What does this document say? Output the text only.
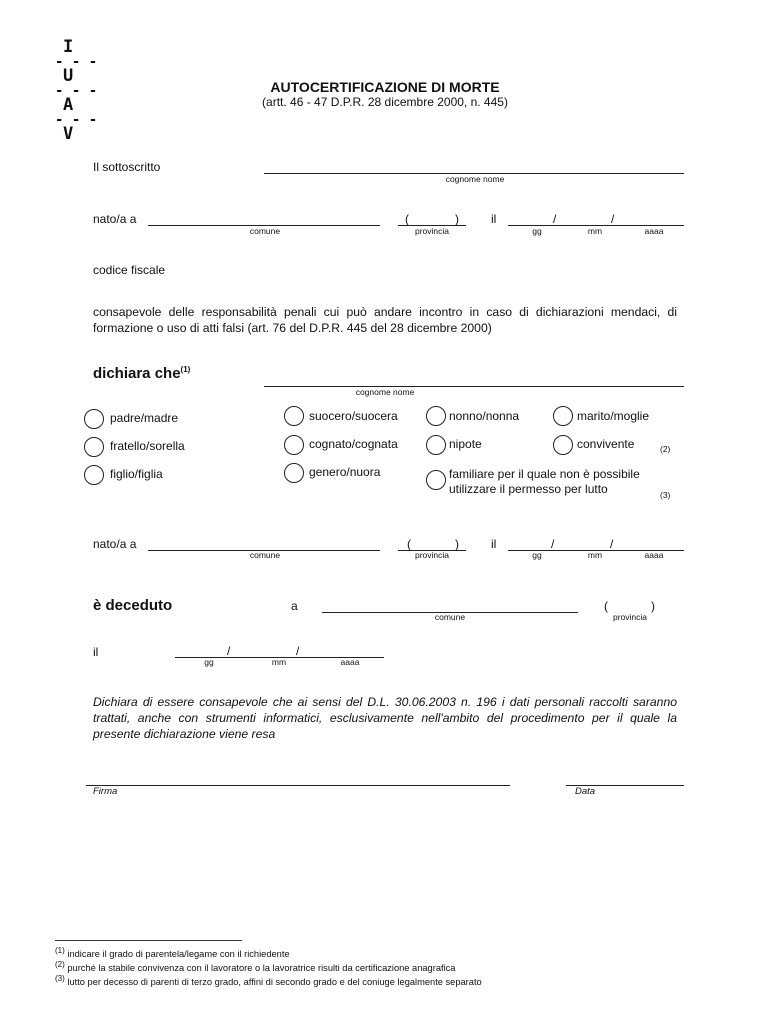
I
- - -
U
- - -
A
- - -
V
AUTOCERTIFICAZIONE DI MORTE
(artt. 46 - 47 D.P.R. 28 dicembre 2000, n. 445)
Il sottoscritto
cognome nome
nato/a a
comune
(	)
provincia
il	/	/
gg	mm	aaaa
codice fiscale
consapevole delle responsabilità penali cui può andare incontro in caso di dichiarazioni mendaci, di formazione o uso di atti falsi (art. 76 del D.P.R. 445 del 28 dicembre 2000)
dichiara che$^{(1)}$
cognome nome
padre/madre
fratello/sorella
figlio/figlia
suocero/suocera
cognato/cognata
genero/nuora
nonno/nonna
nipote
familiare per il quale non è possibile
utilizzare il permesso per lutto	(3)
marito/moglie
convivente	(2)
nato/a a
comune
(	)
provincia
il	/	/
gg	mm	aaaa
è deceduto	a
comune
(	)
provincia
il	/	/
gg	mm	aaaa
Dichiara di essere consapevole che ai sensi del D.L. 30.06.2003 n. 196 i dati personali raccolti saranno trattati, anche con strumenti informatici, esclusivamente nell'ambito del procedimento per il quale la presente dichiarazione viene resa
Firma	Data
$^{(1)}$ indicare il grado di parentela/legame con il richiedente
$^{(2)}$ purché la stabile convivenza con il lavoratore o la lavoratrice risulti da certificazione anagrafica
$^{(3)}$ lutto per decesso di parenti di terzo grado, affini di secondo grado e del coniuge legalmente separato
